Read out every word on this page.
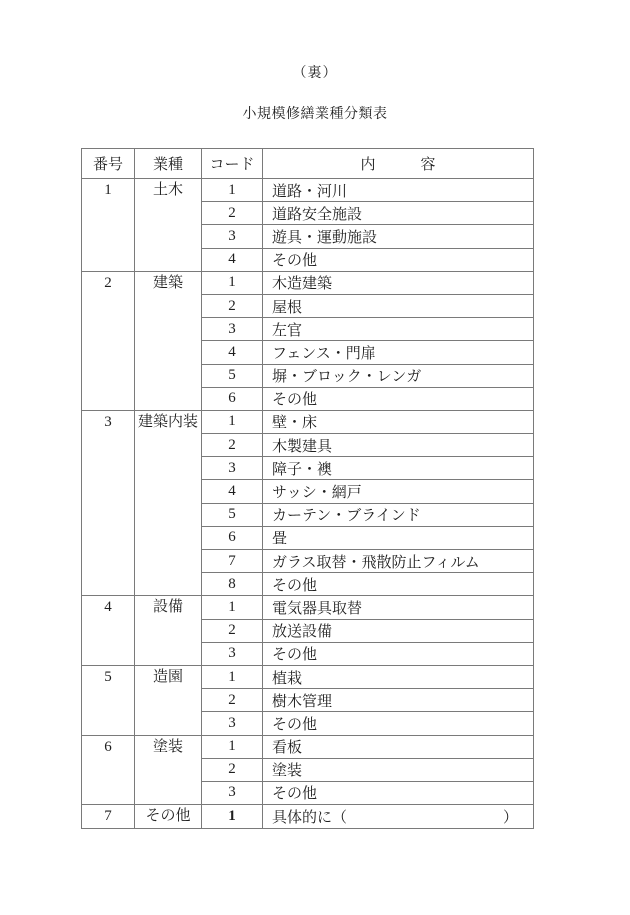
（裏）
小規模修繕業種分類表
番号	業種	コード	内　　　容
1	土木	1	道路・河川

		2	道路安全施設

		3	遊具・運動施設

		4	その他

2	建築	1	木造建築

		2	屋根

		3	左官

		4	フェンス・門扉

		5	塀・ブロック・レンガ

		6	その他

3	建築内装	1	壁・床

		2	木製建具

		3	障子・襖

		4	サッシ・網戸

		5	カーテン・ブラインド

		6	畳

		7	ガラス取替・飛散防止フィルム

		8	その他

4	設備	1	電気器具取替

		2	放送設備

		3	その他

5	造園	1	植栽

		2	樹木管理

		3	その他

6	塗装	1	看板

		2	塗装

		3	その他

7	その他	1	具体的に（ ）
